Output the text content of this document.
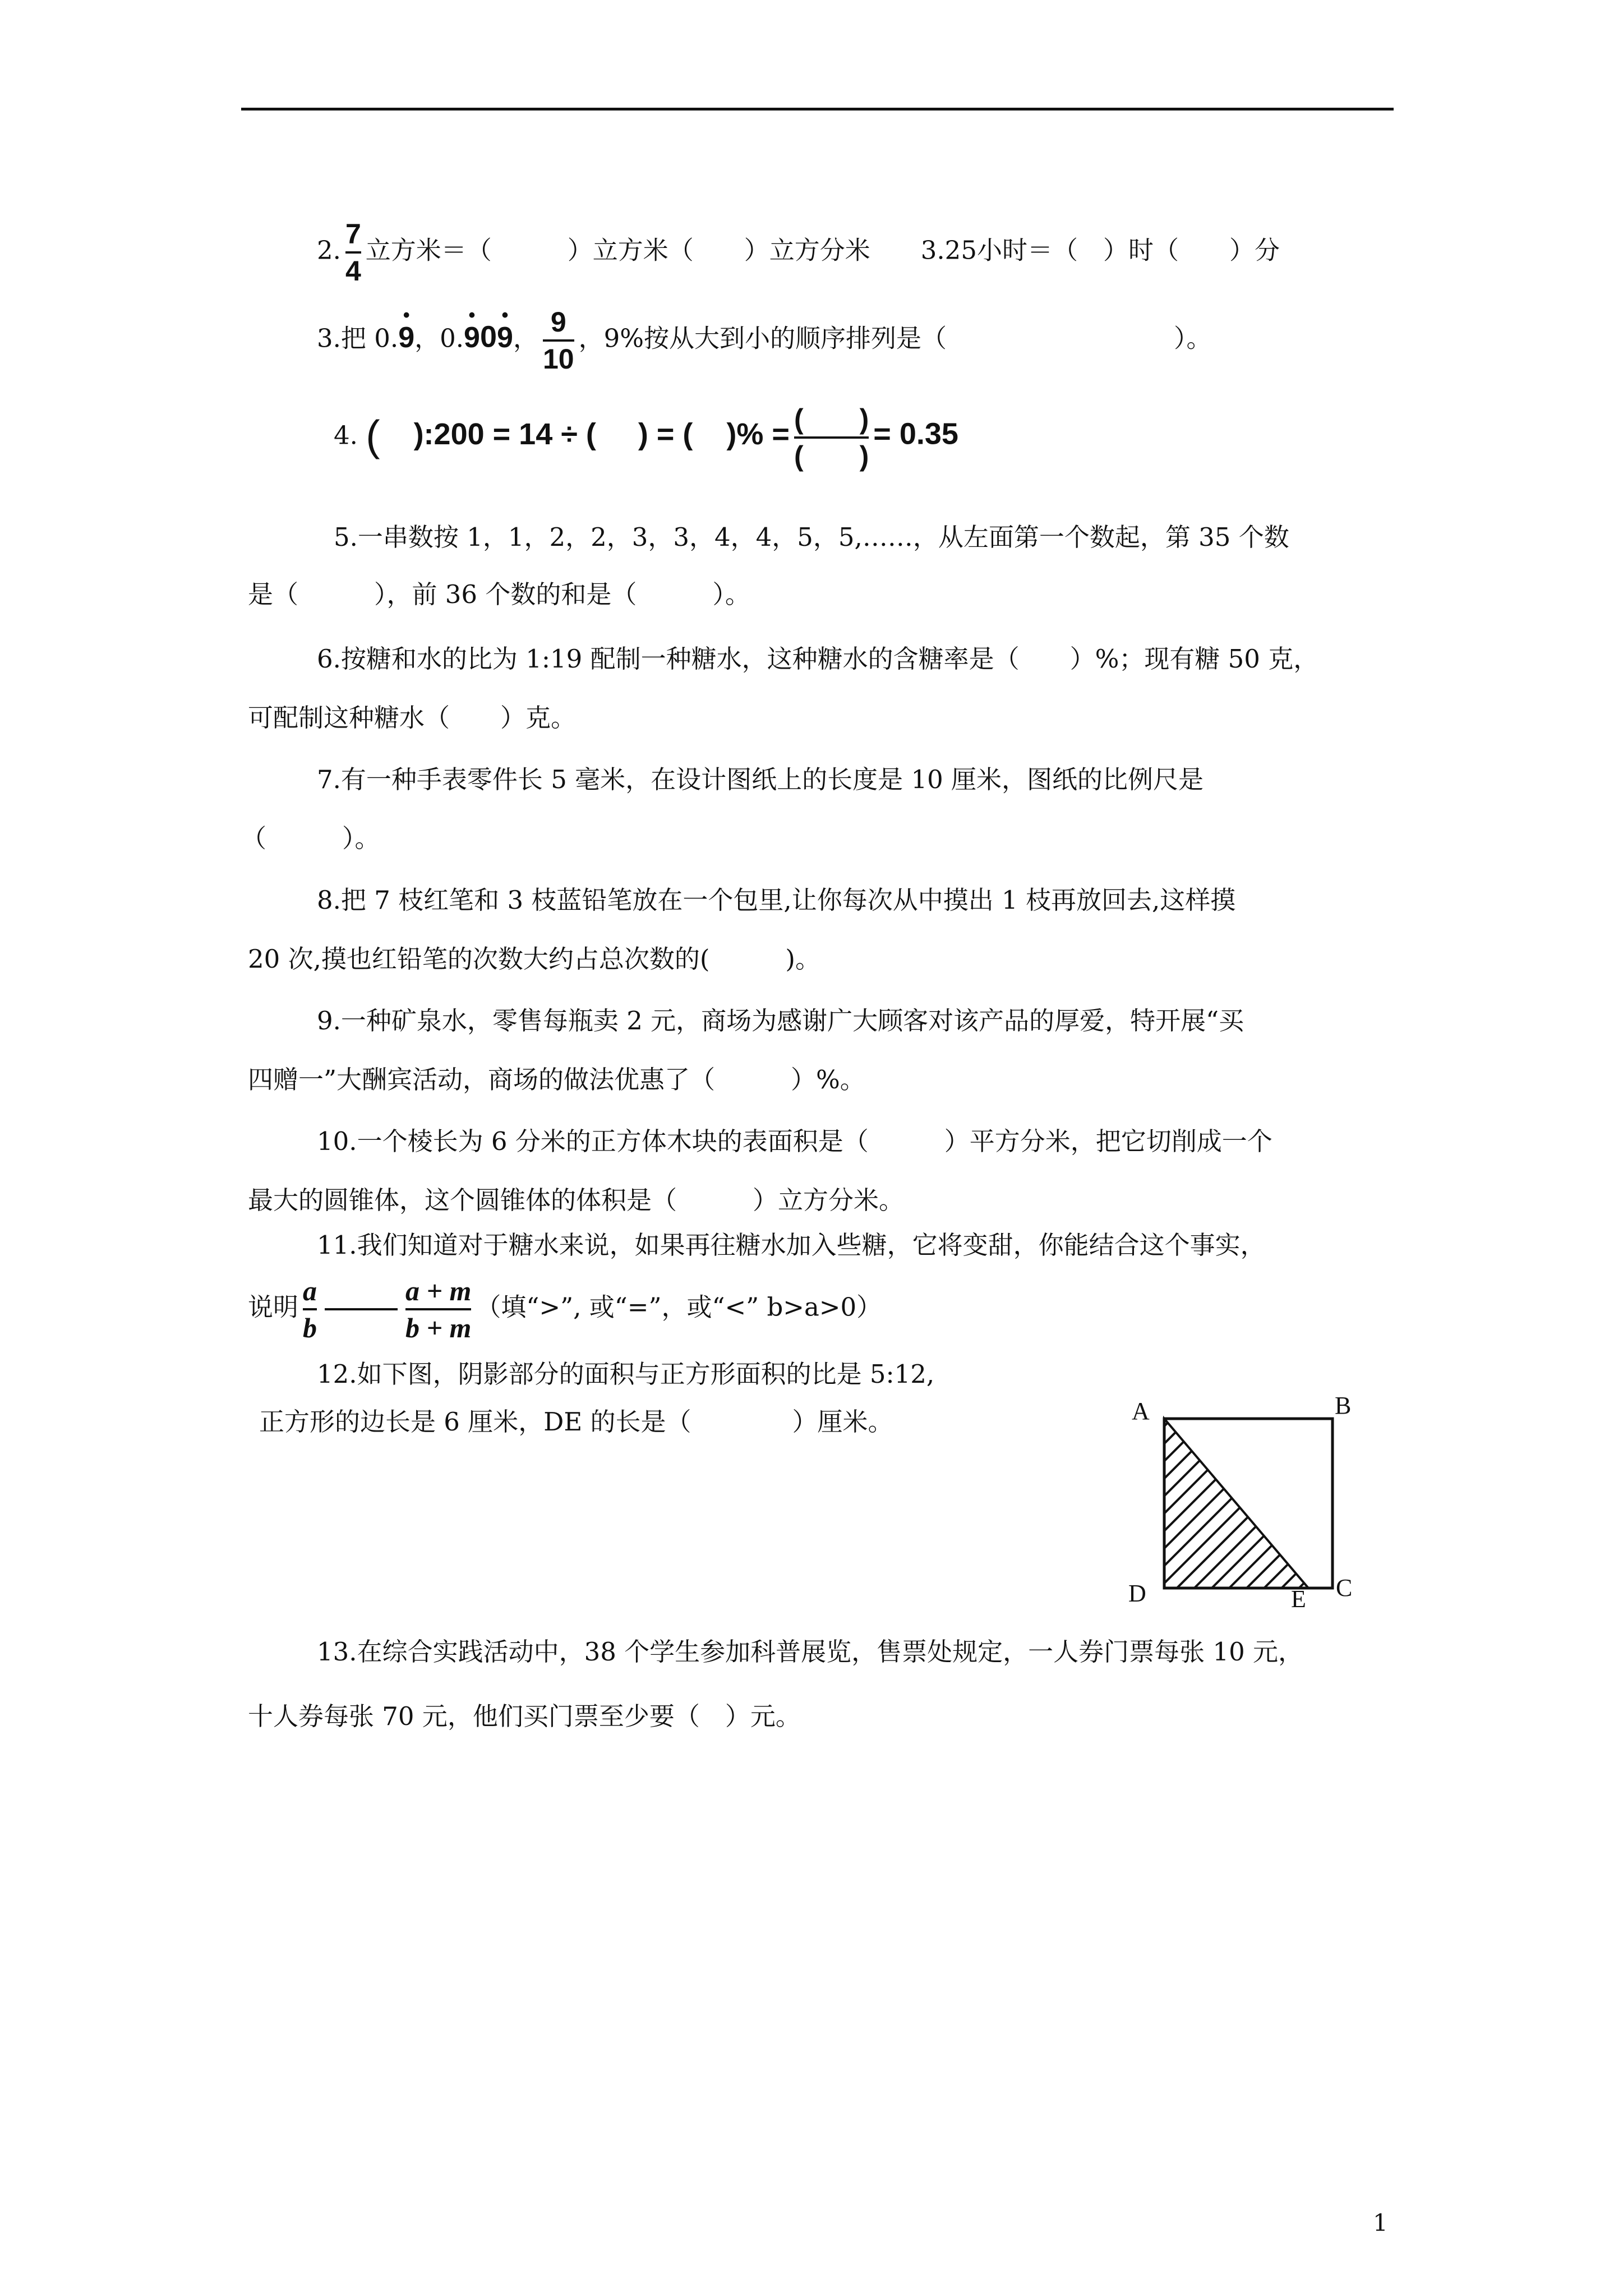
2. $\frac{7}{4}$ 立方米＝（　　　）立方米（　　）立方分米　　3.25小时＝（　）时（　　）分
3.把 0.• 9，0.• 90• 9， $\frac{9}{10}$ ，9%按从大到小的顺序排列是（　　　　　　　　　）。
4. ( ):200 = 14 ÷ ( ) = ( )% = $\frac{( )}{( )} = 0.35$
5.一串数按 1，1，2，2，3，3，4，4，5，5,……，从左面第一个数起，第 35 个数
是（　　　），前 36 个数的和是（　　　）。
6.按糖和水的比为 1:19 配制一种糖水，这种糖水的含糖率是（　　）%；现有糖 50 克，
可配制这种糖水（　　）克。
7.有一种手表零件长 5 毫米，在设计图纸上的长度是 10 厘米，图纸的比例尺是
（　　　）。
8.把 7 枝红笔和 3 枝蓝铅笔放在一个包里,让你每次从中摸出 1 枝再放回去,这样摸
20 次,摸也红铅笔的次数大约占总次数的(　　　)。
9.一种矿泉水，零售每瓶卖 2 元，商场为感谢广大顾客对该产品的厚爱，特开展“买
四赠一”大酬宾活动，商场的做法优惠了（　　　）%。
10.一个棱长为 6 分米的正方体木块的表面积是（　　　）平方分米，把它切削成一个
最大的圆锥体，这个圆锥体的体积是（　　　）立方分米。
11.我们知道对于糖水来说，如果再往糖水加入些糖，它将变甜，你能结合这个事实，
说明 $\frac{a}{b}$	$\frac{a + m}{b + m}$ （填“>”, 或“=”，或“<” b>a>0）
12.如下图，阴影部分的面积与正方形面积的比是 5:12,
正方形的边长是 6 厘米，DE 的长是（　　　　）厘米。	A	B
C
D	E
13.在综合实践活动中，38 个学生参加科普展览，售票处规定，一人券门票每张 10 元，
十人券每张 70 元，他们买门票至少要（　）元。
1
